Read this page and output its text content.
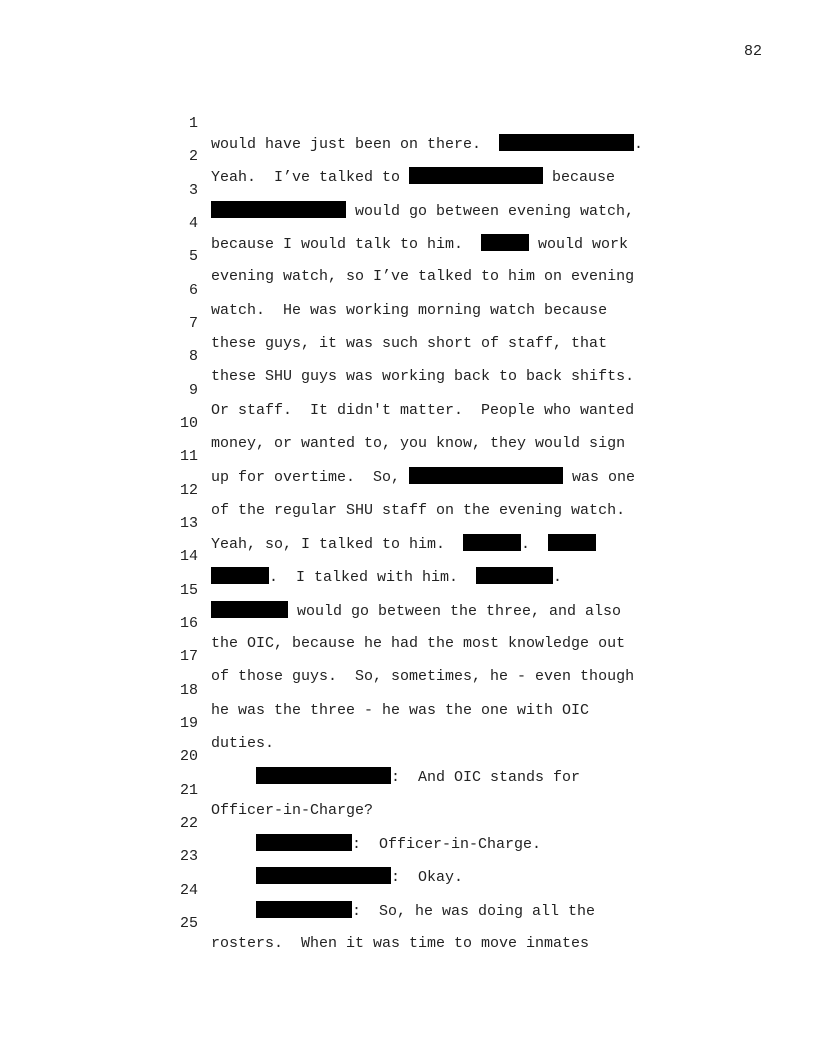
82

1

would have just been on there.	.

2

Yeah.  I’ve talked to	because

3

would go between evening watch,

4

because I would talk to him.	would work

5

evening watch, so I’ve talked to him on evening

6

watch.  He was working morning watch because

7

these guys, it was such short of staff, that

8

these SHU guys was working back to back shifts.

9

Or staff.  It didn't matter.  People who wanted

10

money, or wanted to, you know, they would sign

11

up for overtime.  So,	was one

12

of the regular SHU staff on the evening watch.

13

Yeah, so, I talked to him.	.

14

.  I talked with him.	.

15

would go between the three, and also

16

the OIC, because he had the most knowledge out

17

of those guys.  So, sometimes, he - even though

18

he was the three - he was the one with OIC

19

duties.

20

:  And OIC stands for

21

Officer-in-Charge?

22

:  Officer-in-Charge.

23

:  Okay.

24

:  So, he was doing all the

25

rosters.  When it was time to move inmates
